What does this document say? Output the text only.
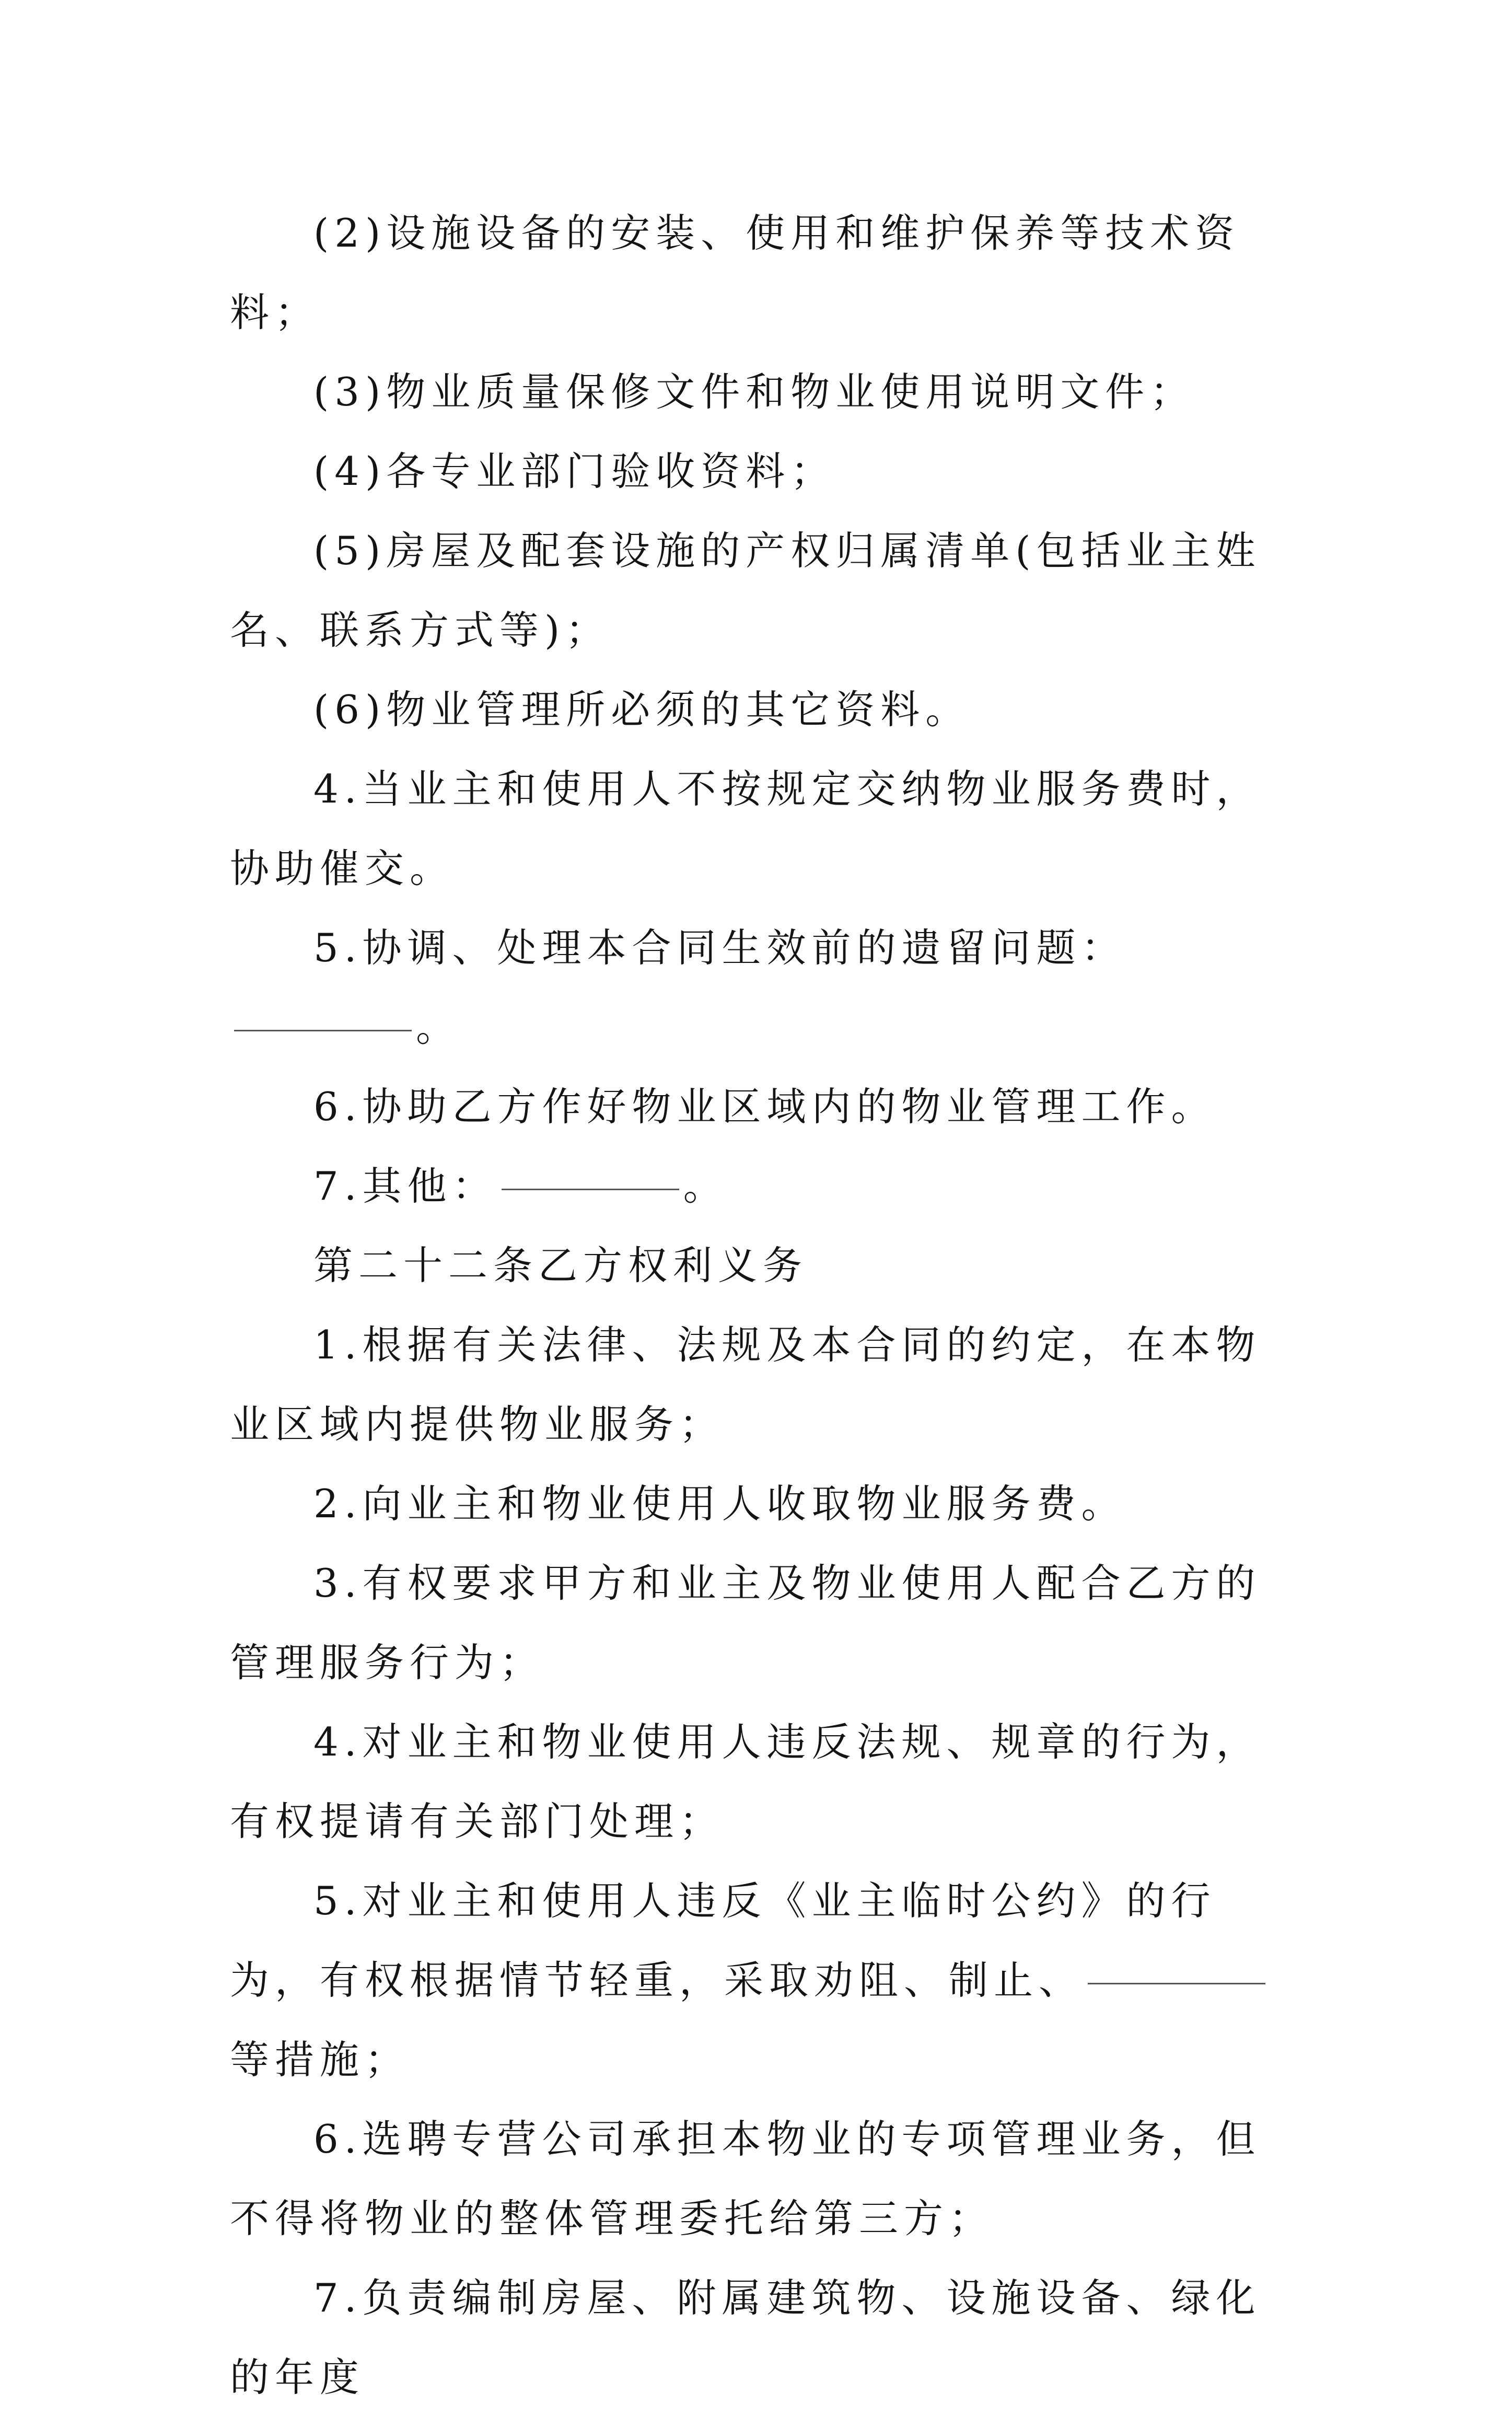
(2)设施设备的安装、使用和维护保养等技术资料；

(3)物业质量保修文件和物业使用说明文件；

(4)各专业部门验收资料；

(5)房屋及配套设施的产权归属清单(包括业主姓名、联系方式等)；

(6)物业管理所必须的其它资料。

4.当业主和使用人不按规定交纳物业服务费时，协助催交。

5.协调、处理本合同生效前的遗留问题：。

6.协助乙方作好物业区域内的物业管理工作。

7.其他：	。

第二十二条乙方权利义务

1.根据有关法律、法规及本合同的约定，在本物业区域内提供物业服务；

2.向业主和物业使用人收取物业服务费。

3.有权要求甲方和业主及物业使用人配合乙方的管理服务行为；

4.对业主和物业使用人违反法规、规章的行为，有权提请有关部门处理；

5.对业主和使用人违反《业主临时公约》的行为，有权根据情节轻重，采取劝阻、制止、等措施；

6.选聘专营公司承担本物业的专项管理业务，但不得将物业的整体管理委托给第三方；

7.负责编制房屋、附属建筑物、设施设备、绿化的年度
